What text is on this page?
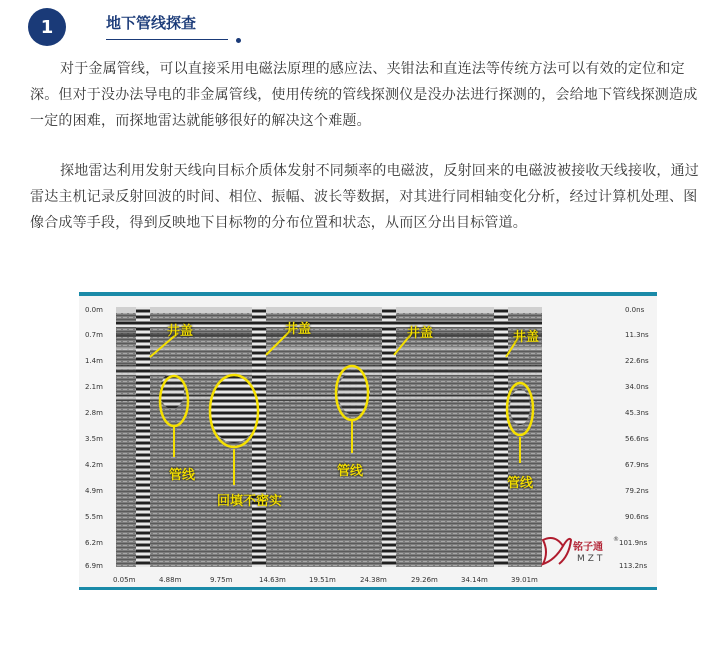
1	地下管线探查

对于金属管线，可以直接采用电磁法原理的感应法、夹钳法和直连法等传统方法可以有效的定位和定深。但对于没办法导电的非金属管线，使用传统的管线探测仪是没办法进行探测的，会给地下管线探测造成一定的困难，而探地雷达就能够很好的解决这个难题。

探地雷达利用发射天线向目标介质体发射不同频率的电磁波，反射回来的电磁波被接收天线接收，通过雷达主机记录反射回波的时间、相位、振幅、波长等数据，对其进行同相轴变化分析，经过计算机处理、图像合成等手段，得到反映地下目标物的分布位置和状态，从而区分出目标管道。

井盖	井盖	井盖	井盖
管线	管线
管线
回填不密实
0.0m
0.7m
1.4m
2.1m
2.8m
3.5m
4.2m
4.9m
5.5m
6.2m
6.9m
0.0ns
11.3ns
22.6ns
34.0ns
45.3ns
56.6ns
67.9ns
79.2ns
90.6ns
101.9ns
113.2ns
0.05m	4.88m	9.75m	14.63m	19.51m	24.38m	29.26m	34.14m	39.01m
铭子通
®
MZT
